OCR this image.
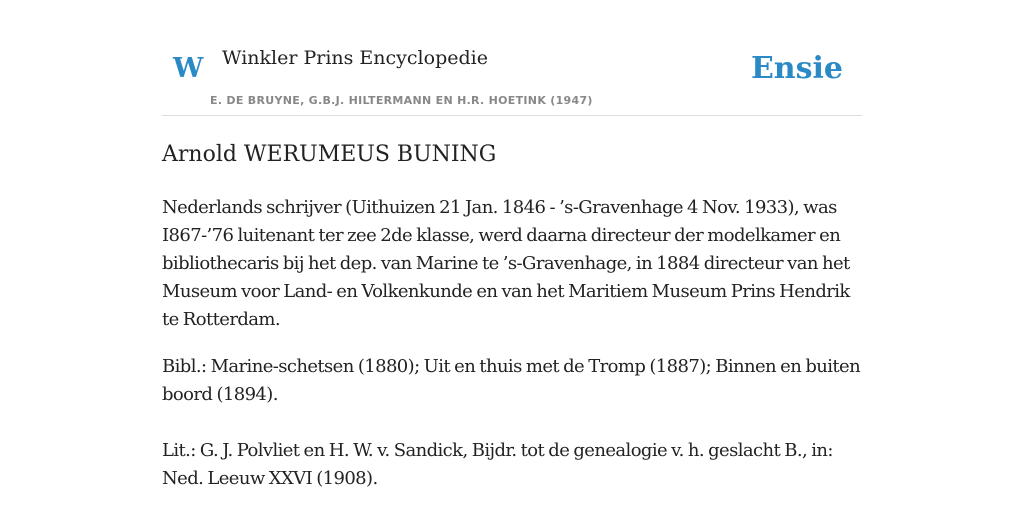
W Winkler Prins Encyclopedie
E. DE BRUYNE, G.B.J. HILTERMANN EN H.R. HOETINK (1947)
Ensie
Arnold WERUMEUS BUNING

Nederlands schrijver (Uithuizen 21 Jan. 1846 - ’s-Gravenhage 4 Nov. 1933), was I867-’76 luitenant ter zee 2de klasse, werd daarna directeur der modelkamer en bibliothecaris bij het dep. van Marine te ’s-Gravenhage, in 1884 directeur van het Museum voor Land- en Volkenkunde en van het Maritiem Museum Prins Hendrik te Rotterdam.

Bibl.: Marine-schetsen (1880); Uit en thuis met de Tromp (1887); Binnen en buiten boord (1894).

Lit.: G. J. Polvliet en H. W. v. Sandick, Bijdr. tot de genealogie v. h. geslacht B., in: Ned. Leeuw XXVI (1908).
